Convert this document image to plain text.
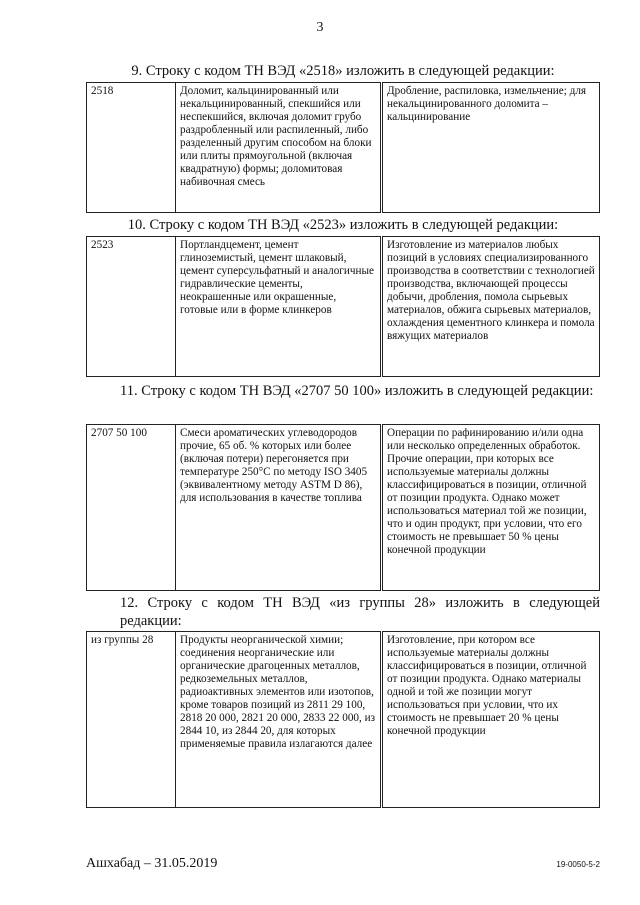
3
9. Строку с кодом ТН ВЭД «2518» изложить в следующей редакции:
2518	Доломит, кальцинированный или некальцинированный, спекшийся или неспекшийся, включая доломит грубо раздробленный или распиленный, либо разделенный другим способом на блоки или плиты прямоугольной (включая квадратную) формы; доломитовая набивочная смесь	Дробление, распиловка, измельчение; для некальцинированного доломита – кальцинирование
10. Строку с кодом ТН ВЭД «2523» изложить в следующей редакции:
2523	Портландцемент, цемент глиноземистый, цемент шлаковый, цемент суперсульфатный и аналогичные гидравлические цементы, неокрашенные или окрашенные, готовые или в форме клинкеров	Изготовление из материалов любых позиций в условиях специализированного производства в соответствии с технологией производства, включающей процессы добычи, дробления, помола сырьевых материалов, обжига сырьевых материалов, охлаждения цементного клинкера и помола вяжущих материалов
11. Строку с кодом ТН ВЭД «2707 50 100» изложить в следующей редакции:
2707 50 100	Смеси ароматических углеводородов прочие, 65 об. % которых или более (включая потери) перегоняется при температуре 250°С по методу ISO 3405 (эквивалентному методу ASTM D 86), для использования в качестве топлива	Операции по рафинированию и/или одна или несколько определенных обработок. Прочие операции, при которых все используемые материалы должны классифицироваться в позиции, отличной от позиции продукта. Однако может использоваться материал той же позиции, что и один продукт, при условии, что его стоимость не превышает 50 % цены конечной продукции
12. Строку с кодом ТН ВЭД «из группы 28» изложить в следующей редакции:
из группы 28	Продукты неорганической химии; соединения неорганические или органические драгоценных металлов, редкоземельных металлов, радиоактивных элементов или изотопов, кроме товаров позиций из 2811 29 100, 2818 20 000, 2821 20 000, 2833 22 000, из 2844 10, из 2844 20, для которых применяемые правила излагаются далее	Изготовление, при котором все используемые материалы должны классифицироваться в позиции, отличной от позиции продукта. Однако материалы одной и той же позиции могут использоваться при условии, что их стоимость не превышает 20 % цены конечной продукции
Ашхабад – 31.05.2019	19-0050-5-2
